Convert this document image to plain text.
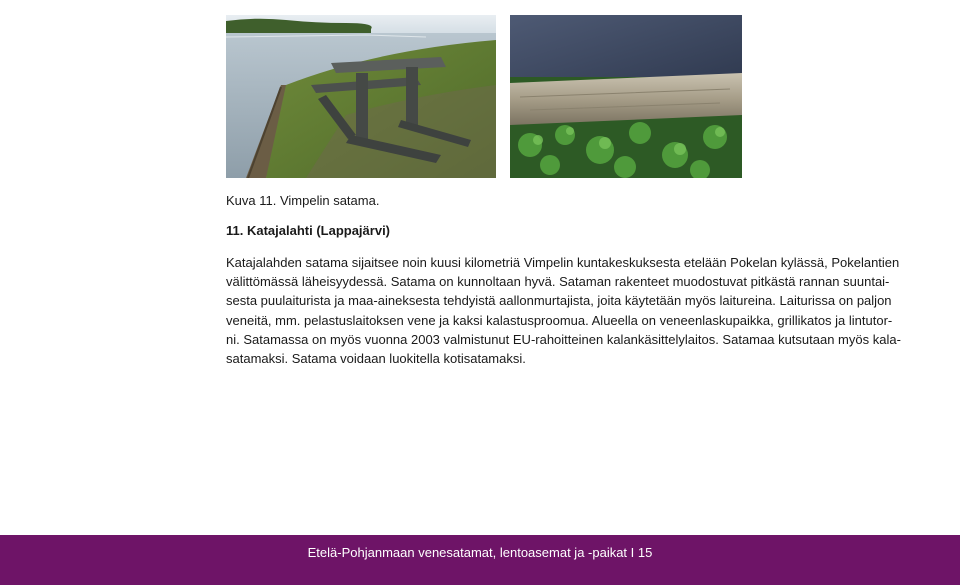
Kuva 11. Vimpelin satama.
11. Katajalahti (Lappajärvi)

Katajalahden satama sijaitsee noin kuusi kilometriä Vimpelin kuntakeskuksesta etelään Pokelan kylässä, Pokelantien
välittömässä läheisyydessä. Satama on kunnoltaan hyvä. Sataman rakenteet muodostuvat pitkästä rannan suuntai-
sesta puulaiturista ja maa-aineksesta tehdyistä aallonmurtajista, joita käytetään myös laitureina. Laiturissa on paljon
veneitä, mm. pelastuslaitoksen vene ja kaksi kalastusproomua. Alueella on veneenlaskupaikka, grillikatos ja lintutor-
ni. Satamassa on myös vuonna 2003 valmistunut EU-rahoitteinen kalankäsittelylaitos. Satamaa kutsutaan myös kala-
satamaksi. Satama voidaan luokitella kotisatamaksi.

Etelä-Pohjanmaan venesatamat, lentoasemat ja -paikat I 15
